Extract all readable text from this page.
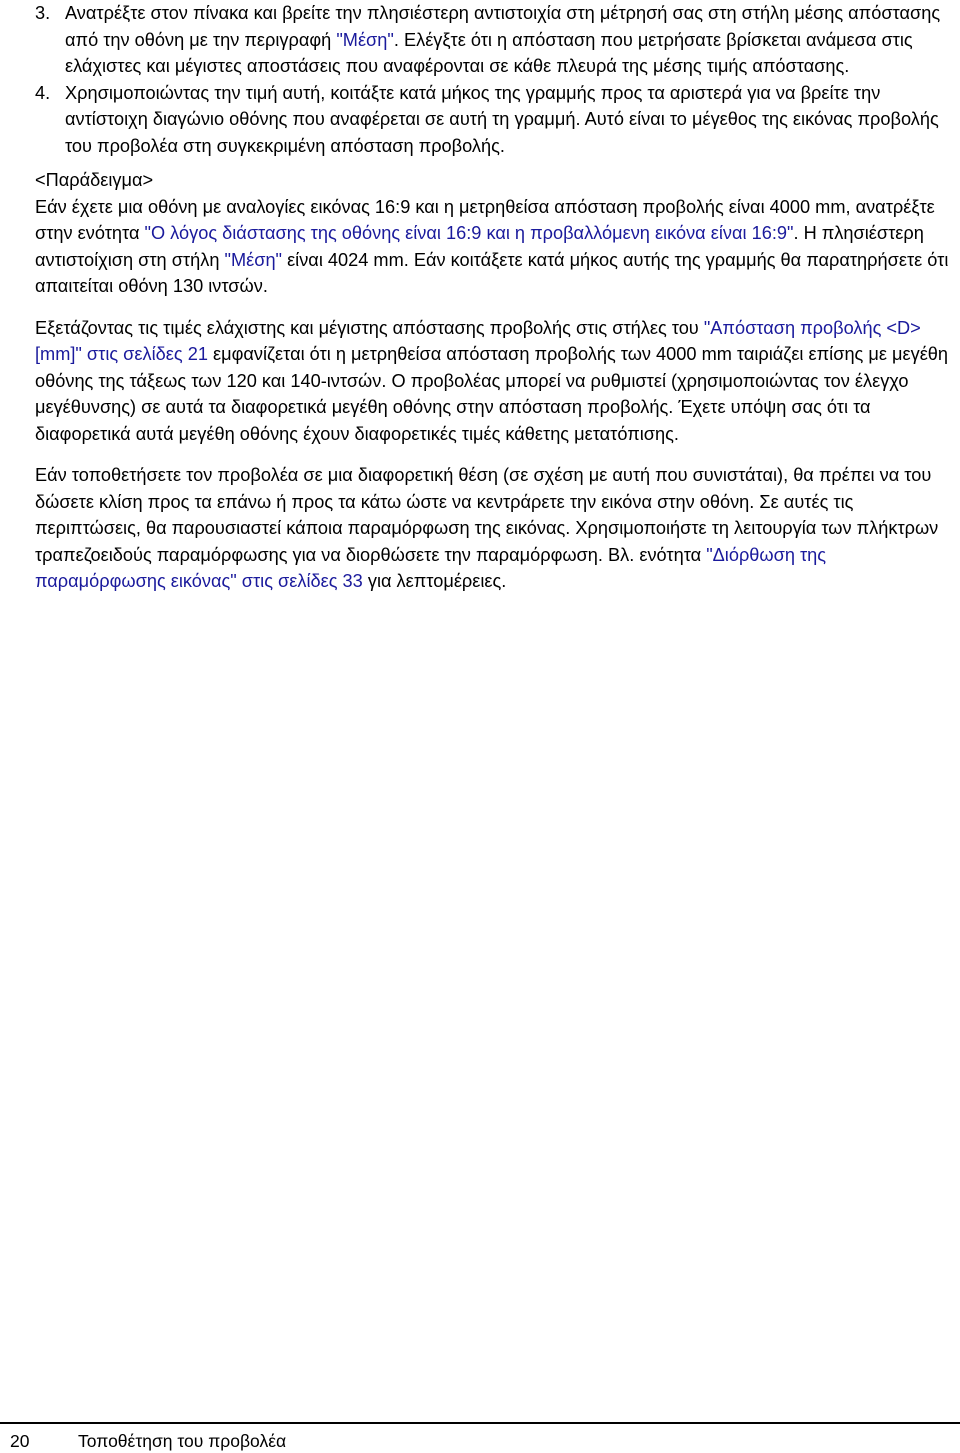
3. Ανατρέξτε στον πίνακα και βρείτε την πλησιέστερη αντιστοιχία στη μέτρησή σας στη στήλη μέσης απόστασης από την οθόνη με την περιγραφή "Μέση". Ελέγξτε ότι η απόσταση που μετρήσατε βρίσκεται ανάμεσα στις ελάχιστες και μέγιστες αποστάσεις που αναφέρονται σε κάθε πλευρά της μέσης τιμής απόστασης.
4. Χρησιμοποιώντας την τιμή αυτή, κοιτάξτε κατά μήκος της γραμμής προς τα αριστερά για να βρείτε την αντίστοιχη διαγώνιο οθόνης που αναφέρεται σε αυτή τη γραμμή. Αυτό είναι το μέγεθος της εικόνας προβολής του προβολέα στη συγκεκριμένη απόσταση προβολής.

<Παράδειγμα>
Εάν έχετε μια οθόνη με αναλογίες εικόνας 16:9 και η μετρηθείσα απόσταση προβολής είναι 4000 mm, ανατρέξτε στην ενότητα "Ο λόγος διάστασης της οθόνης είναι 16:9 και η προβαλλόμενη εικόνα είναι 16:9". Η πλησιέστερη αντιστοίχιση στη στήλη "Μέση" είναι 4024 mm. Εάν κοιτάξετε κατά μήκος αυτής της γραμμής θα παρατηρήσετε ότι απαιτείται οθόνη 130 ιντσών.

Εξετάζοντας τις τιμές ελάχιστης και μέγιστης απόστασης προβολής στις στήλες του "Απόσταση προβολής <D> [mm]" στις σελίδες 21 εμφανίζεται ότι η μετρηθείσα απόσταση προβολής των 4000 mm ταιριάζει επίσης με μεγέθη οθόνης της τάξεως των 120 και 140-ιντσών. Ο προβολέας μπορεί να ρυθμιστεί (χρησιμοποιώντας τον έλεγχο μεγέθυνσης) σε αυτά τα διαφορετικά μεγέθη οθόνης στην απόσταση προβολής. Έχετε υπόψη σας ότι τα διαφορετικά αυτά μεγέθη οθόνης έχουν διαφορετικές τιμές κάθετης μετατόπισης.

Εάν τοποθετήσετε τον προβολέα σε μια διαφορετική θέση (σε σχέση με αυτή που συνιστάται), θα πρέπει να του δώσετε κλίση προς τα επάνω ή προς τα κάτω ώστε να κεντράρετε την εικόνα στην οθόνη. Σε αυτές τις περιπτώσεις, θα παρουσιαστεί κάποια παραμόρφωση της εικόνας. Χρησιμοποιήστε τη λειτουργία των πλήκτρων τραπεζοειδούς παραμόρφωσης για να διορθώσετε την παραμόρφωση. Βλ. ενότητα "Διόρθωση της παραμόρφωσης εικόνας" στις σελίδες 33 για λεπτομέρειες.

20	Τοποθέτηση του προβολέα
